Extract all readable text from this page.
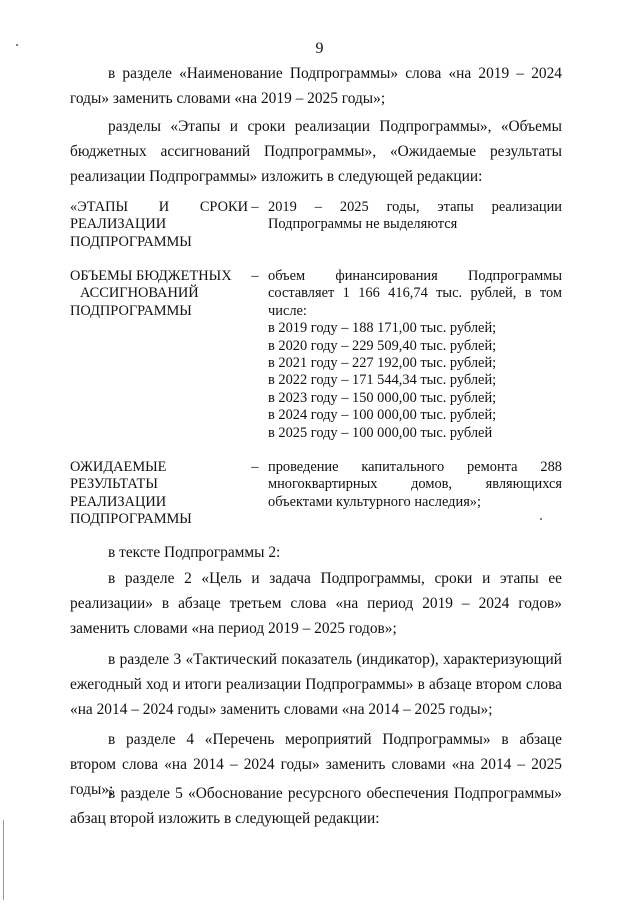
9

в разделе «Наименование Подпрограммы» слова «на 2019 – 2024 годы» заменить словами «на 2019 – 2025 годы»;

разделы «Этапы и сроки реализации Подпрограммы», «Объемы бюджетных ассигнований Подпрограммы», «Ожидаемые результаты реализации Подпрограммы» изложить в следующей редакции:

«ЭТАПЫ И СРОКИ
РЕАЛИЗАЦИИ
ПОДПРОГРАММЫ
– 2019 – 2025 годы, этапы реализации Подпрограммы не выделяются
ОБЪЕМЫ БЮДЖЕТНЫХ
АССИГНОВАНИЙ
ПОДПРОГРАММЫ
– объем финансирования Подпрограммы составляет 1 166 416,74 тыс. рублей, в том числе:
в 2019 году – 188 171,00 тыс. рублей;
в 2020 году – 229 509,40 тыс. рублей;
в 2021 году – 227 192,00 тыс. рублей;
в 2022 году – 171 544,34 тыс. рублей;
в 2023 году – 150 000,00 тыс. рублей;
в 2024 году – 100 000,00 тыс. рублей;
в 2025 году – 100 000,00 тыс. рублей
ОЖИДАЕМЫЕ
РЕЗУЛЬТАТЫ
РЕАЛИЗАЦИИ
ПОДПРОГРАММЫ
– проведение капитального ремонта 288 многоквартирных домов, являющихся объектами культурного наследия»;

в тексте Подпрограммы 2:

в разделе 2 «Цель и задача Подпрограммы, сроки и этапы ее реализации» в абзаце третьем слова «на период 2019 – 2024 годов» заменить словами «на период 2019 – 2025 годов»;

в разделе 3 «Тактический показатель (индикатор), характеризующий ежегодный ход и итоги реализации Подпрограммы» в абзаце втором слова «на 2014 – 2024 годы» заменить словами «на 2014 – 2025 годы»;

в разделе 4 «Перечень мероприятий Подпрограммы» в абзаце втором слова «на 2014 – 2024 годы» заменить словами «на 2014 – 2025 годы»;

в разделе 5 «Обоснование ресурсного обеспечения Подпрограммы» абзац второй изложить в следующей редакции:
